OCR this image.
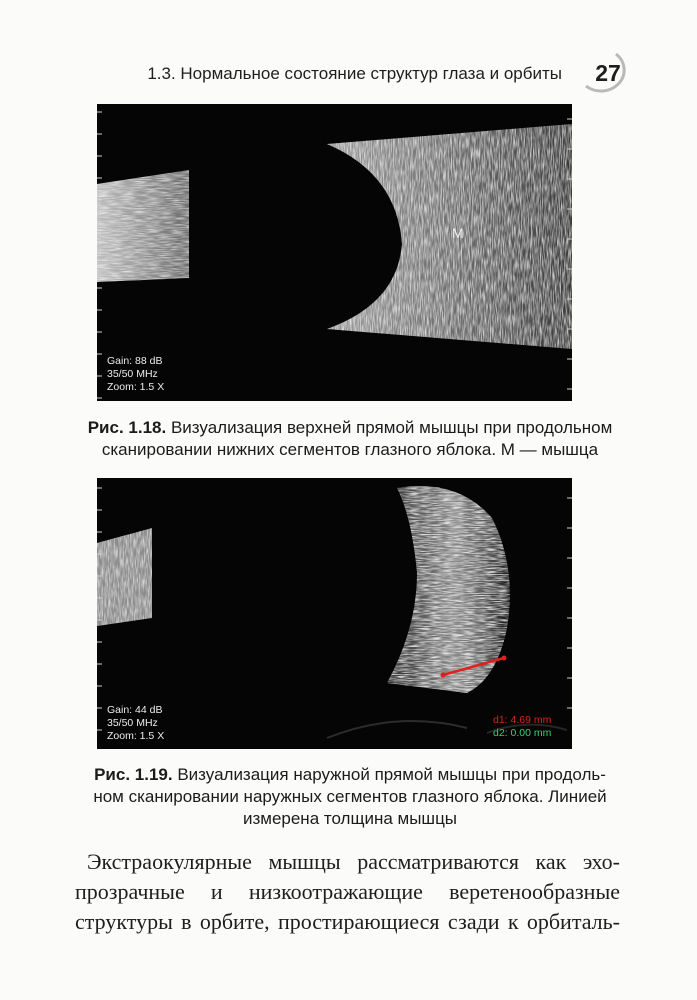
1.3. Нормальное состояние структур глаза и орбиты	27
M
Gain: 88 dB
35/50 MHz
Zoom: 1.5 X
Рис. 1.18. Визуализация верхней прямой мышцы при продольном
сканировании нижних сегментов глазного яблока. М — мышца
Gain: 44 dB
35/50 MHz
Zoom: 1.5 X
d1: 4.69 mm
d2: 0.00 mm
Рис. 1.19. Визуализация наружной прямой мышцы при продоль-
ном сканировании наружных сегментов глазного яблока. Линией
измерена толщина мышцы
Экстраокулярные мышцы рассматриваются как эхо-
прозрачные и низкоотражающие веретенообразные
структуры в орбите, простирающиеся сзади к орбиталь-
